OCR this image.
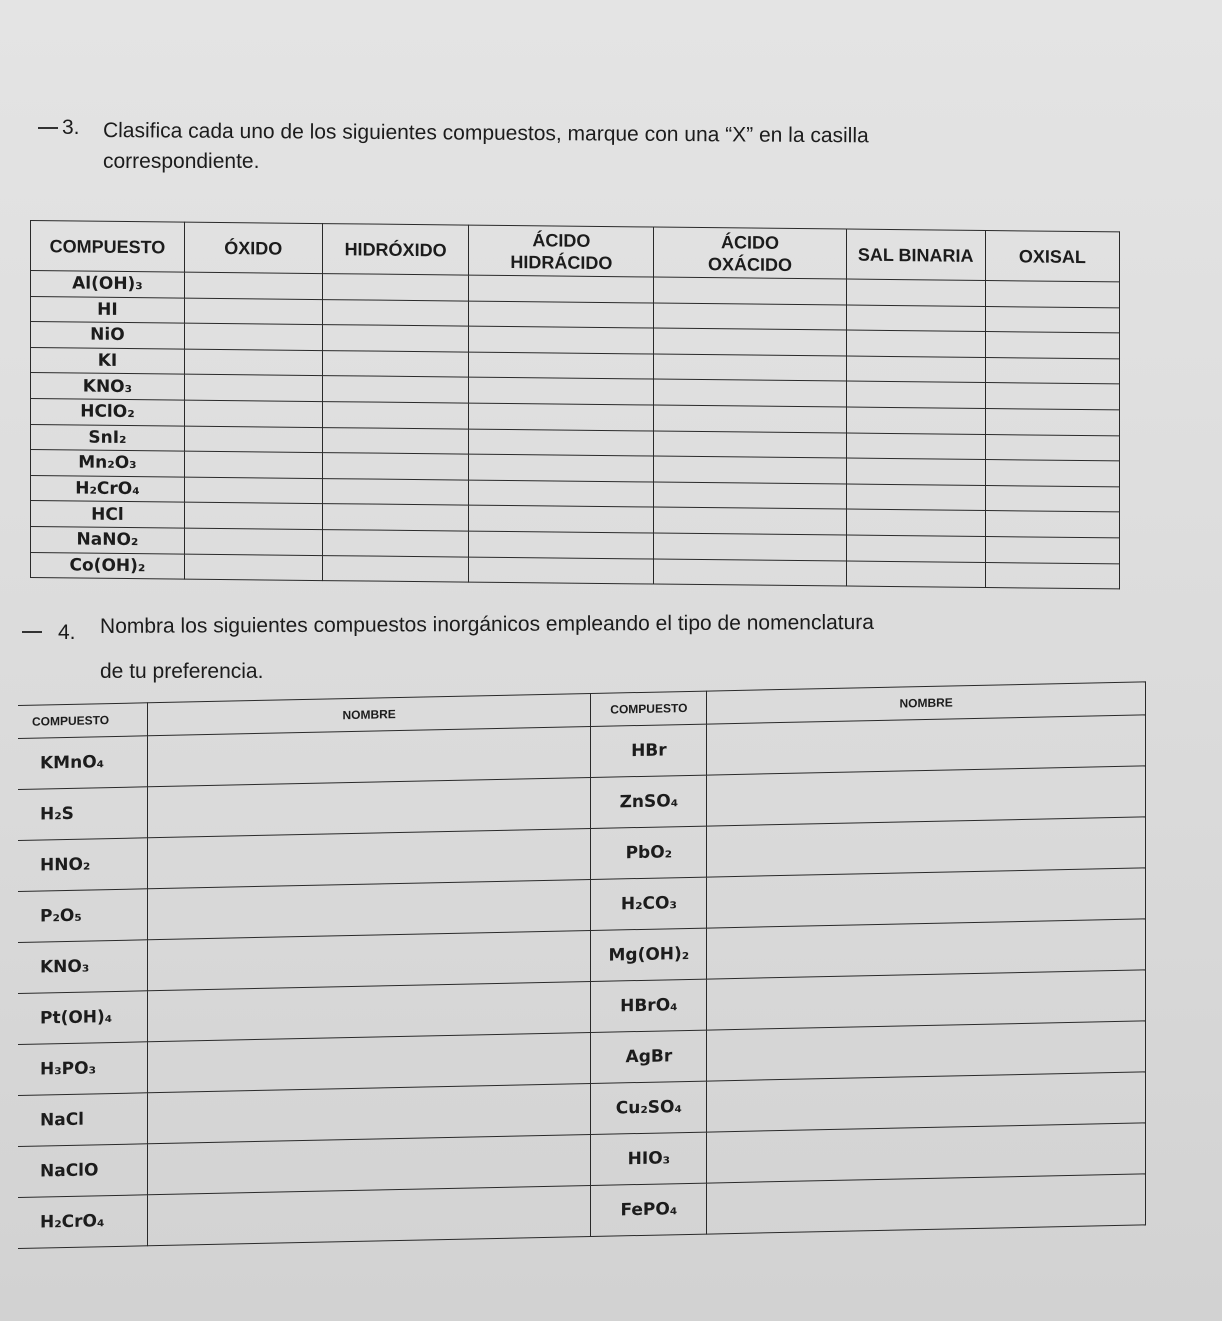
3. Clasifica cada uno de los siguientes compuestos, marque con una “X” en la casilla
correspondiente.
COMPUESTO	ÓXIDO	HIDRÓXIDO	ÁCIDO HIDRÁCIDO	ÁCIDO OXÁCIDO	SAL BINARIA	OXISAL
Al(OH)₃						
HI						
NiO						
KI						
KNO₃						
HClO₂						
SnI₂						
Mn₂O₃						
H₂CrO₄						
HCl						
NaNO₂						
Co(OH)₂						
4. Nombra los siguientes compuestos inorgánicos empleando el tipo de nomenclatura
de tu preferencia.
COMPUESTO	NOMBRE	COMPUESTO	NOMBRE
KMnO₄		HBr	
H₂S		ZnSO₄	
HNO₂		PbO₂	
P₂O₅		H₂CO₃	
KNO₃		Mg(OH)₂	
Pt(OH)₄		HBrO₄	
H₃PO₃		AgBr	
NaCl		Cu₂SO₄	
NaClO		HIO₃	
H₂CrO₄		FePO₄	
